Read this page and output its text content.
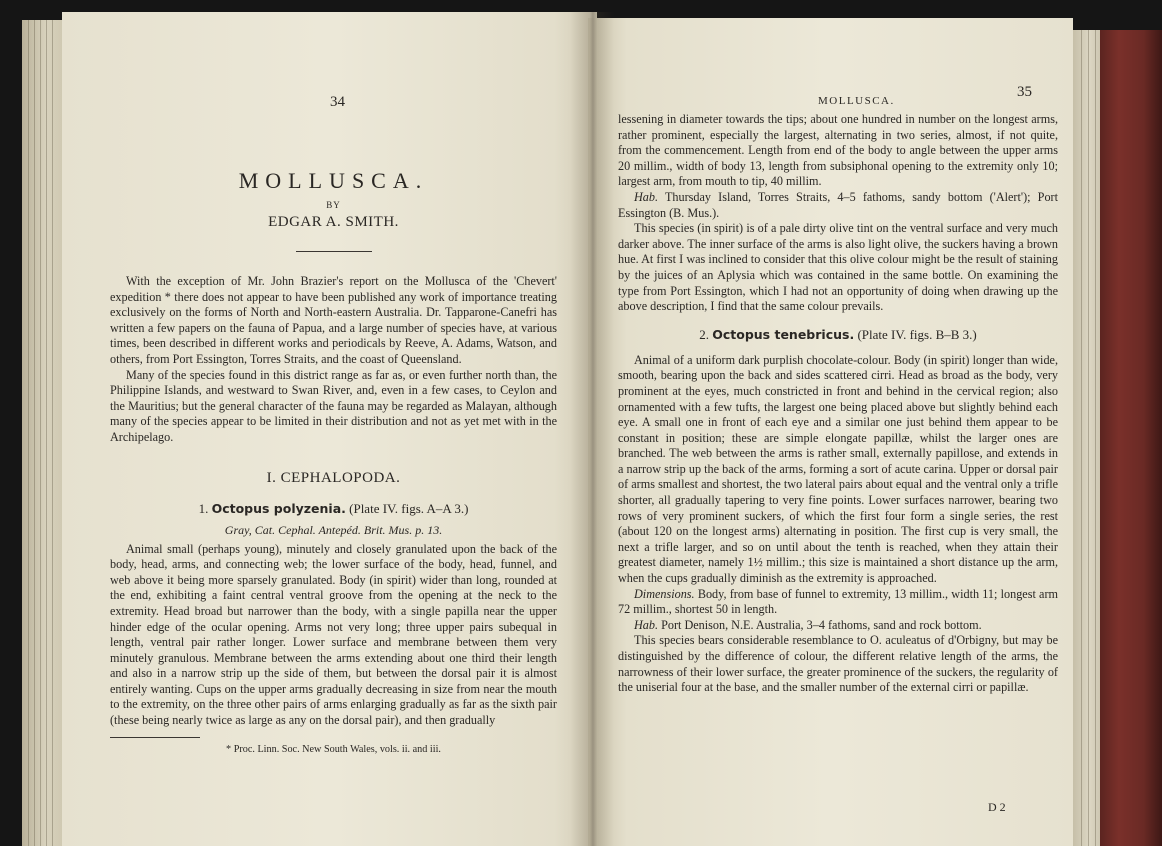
34
MOLLUSCA.
BY
EDGAR A. SMITH.

With the exception of Mr. John Brazier's report on the Mollusca of the 'Chevert' expedition * there does not appear to have been published any work of importance treating exclusively on the forms of North and North-eastern Australia. Dr. Tapparone-Canefri has written a few papers on the fauna of Papua, and a large number of species have, at various times, been described in different works and periodicals by Reeve, A. Adams, Watson, and others, from Port Essington, Torres Straits, and the coast of Queensland.

Many of the species found in this district range as far as, or even further north than, the Philippine Islands, and westward to Swan River, and, even in a few cases, to Ceylon and the Mauritius; but the general character of the fauna may be regarded as Malayan, although many of the species appear to be limited in their distribution and not as yet met with in the Archipelago.

I. CEPHALOPODA.
1. Octopus polyzenia. (Plate IV. figs. A–A 3.)
Gray, Cat. Cephal. Antepéd. Brit. Mus. p. 13.

Animal small (perhaps young), minutely and closely granulated upon the back of the body, head, arms, and connecting web; the lower surface of the body, head, funnel, and web above it being more sparsely granulated. Body (in spirit) wider than long, rounded at the end, exhibiting a faint central ventral groove from the opening at the neck to the extremity. Head broad but narrower than the body, with a single papilla near the upper hinder edge of the ocular opening. Arms not very long; three upper pairs subequal in length, ventral pair rather longer. Lower surface and membrane between them very minutely granulous. Membrane between the arms extending about one third their length and also in a narrow strip up the side of them, but between the dorsal pair it is almost entirely wanting. Cups on the upper arms gradually decreasing in size from near the mouth to the extremity, on the three other pairs of arms enlarging gradually as far as the sixth pair (these being nearly twice as large as any on the dorsal pair), and then gradually

* Proc. Linn. Soc. New South Wales, vols. ii. and iii.
MOLLUSCA.
35

lessening in diameter towards the tips; about one hundred in number on the longest arms, rather prominent, especially the largest, alternating in two series, almost, if not quite, from the commencement. Length from end of the body to angle between the upper arms 20 millim., width of body 13, length from subsiphonal opening to the extremity only 10; largest arm, from mouth to tip, 40 millim.

Hab. Thursday Island, Torres Straits, 4–5 fathoms, sandy bottom ('Alert'); Port Essington (B. Mus.).

This species (in spirit) is of a pale dirty olive tint on the ventral surface and very much darker above. The inner surface of the arms is also light olive, the suckers having a brown hue. At first I was inclined to consider that this olive colour might be the result of staining by the juices of an Aplysia which was contained in the same bottle. On examining the type from Port Essington, which I had not an opportunity of doing when drawing up the above description, I find that the same colour prevails.

2. Octopus tenebricus. (Plate IV. figs. B–B 3.)

Animal of a uniform dark purplish chocolate-colour. Body (in spirit) longer than wide, smooth, bearing upon the back and sides scattered cirri. Head as broad as the body, very prominent at the eyes, much constricted in front and behind in the cervical region; also ornamented with a few tufts, the largest one being placed above but slightly behind each eye. A small one in front of each eye and a similar one just behind them appear to be constant in position; these are simple elongate papillæ, whilst the larger ones are branched. The web between the arms is rather small, externally papillose, and extends in a narrow strip up the back of the arms, forming a sort of acute carina. Upper or dorsal pair of arms smallest and shortest, the two lateral pairs about equal and the ventral only a trifle shorter, all gradually tapering to very fine points. Lower surfaces narrower, bearing two rows of very prominent suckers, of which the first four form a single series, the rest (about 120 on the longest arms) alternating in position. The first cup is very small, the next a trifle larger, and so on until about the tenth is reached, when they attain their greatest diameter, namely 1½ millim.; this size is maintained a short distance up the arm, when the cups gradually diminish as the extremity is approached.

Dimensions. Body, from base of funnel to extremity, 13 millim., width 11; longest arm 72 millim., shortest 50 in length.

Hab. Port Denison, N.E. Australia, 3–4 fathoms, sand and rock bottom.

This species bears considerable resemblance to O. aculeatus of d'Orbigny, but may be distinguished by the difference of colour, the different relative length of the arms, the narrowness of their lower surface, the greater prominence of the suckers, the regularity of the uniserial four at the base, and the smaller number of the external cirri or papillæ.

D 2
